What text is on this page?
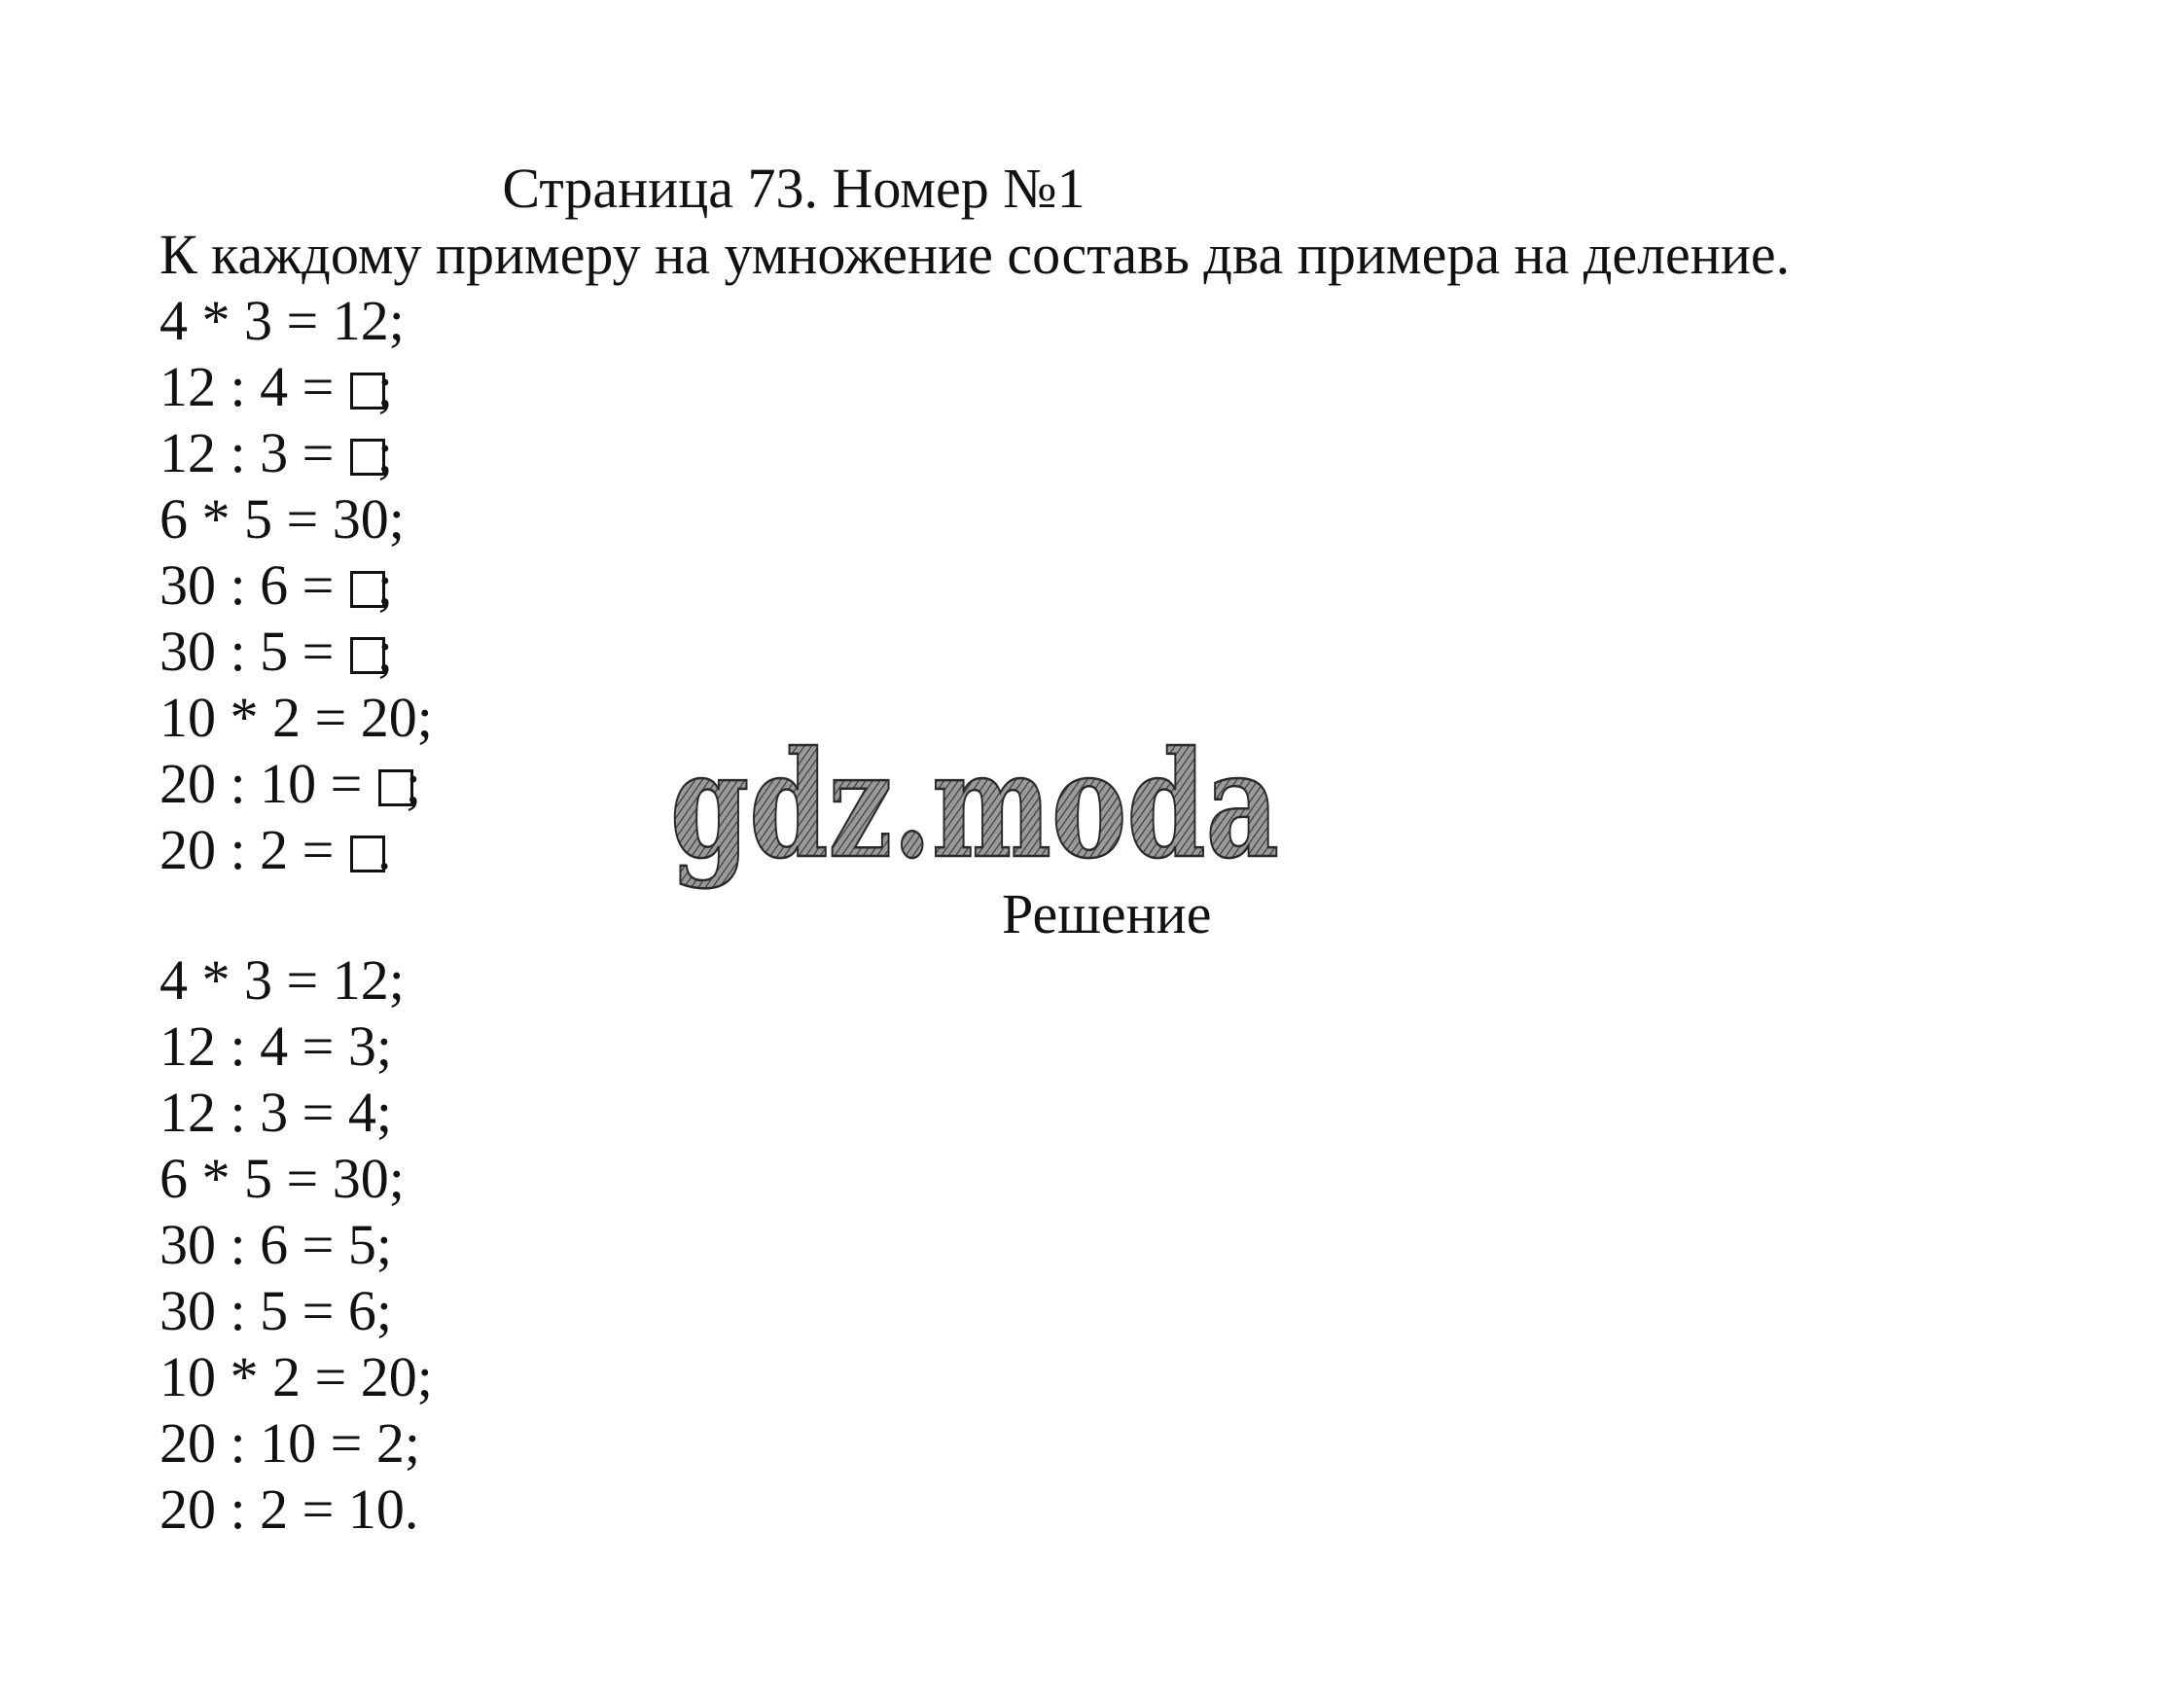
Страница 73. Номер №1
К каждому примеру на умножение составь два примера на деление.
4 * 3 = 12;
12 : 4 = ;
12 : 3 = ;
6 * 5 = 30;
30 : 6 = ;
30 : 5 = ;
10 * 2 = 20;
20 : 10 = ;
20 : 2 = . gdz.moda
Решение
4 * 3 = 12;
12 : 4 = 3;
12 : 3 = 4;
6 * 5 = 30;
30 : 6 = 5;
30 : 5 = 6;
10 * 2 = 20;
20 : 10 = 2;
20 : 2 = 10.
